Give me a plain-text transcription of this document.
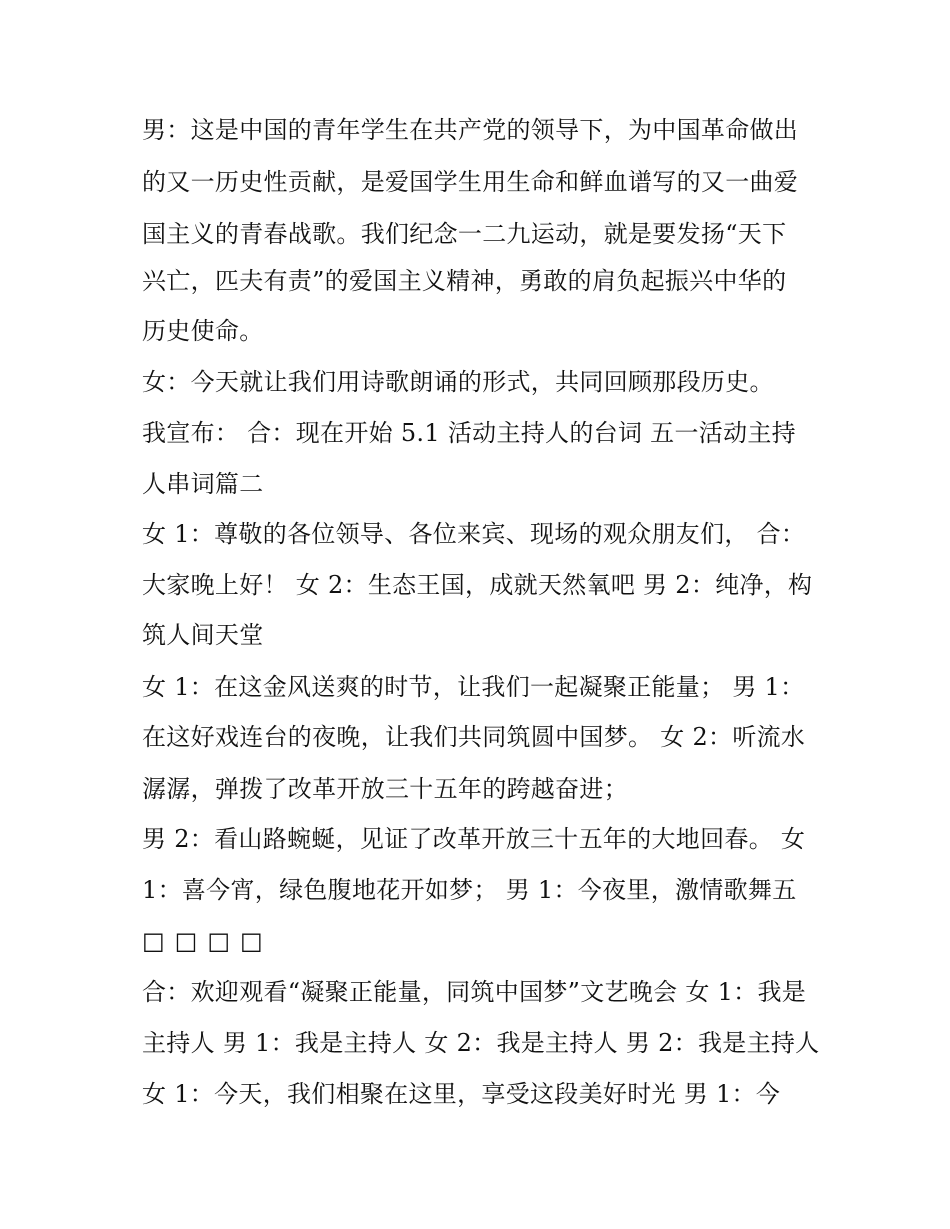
男：这是中国的青年学生在共产党的领导下，为中国革命做出
的又一历史性贡献，是爱国学生用生命和鲜血谱写的又一曲爱
国主义的青春战歌。我们纪念一二九运动，就是要发扬“天下
兴亡，匹夫有责”的爱国主义精神，勇敢的肩负起振兴中华的
历史使命。
女：今天就让我们用诗歌朗诵的形式，共同回顾那段历史。
我宣布： 合：现在开始 5.1 活动主持人的台词 五一活动主持
人串词篇二
女 1：尊敬的各位领导、各位来宾、现场的观众朋友们， 合：
大家晚上好！ 女 2：生态王国，成就天然氧吧 男 2：纯净，构
筑人间天堂
女 1：在这金风送爽的时节，让我们一起凝聚正能量； 男 1：
在这好戏连台的夜晚，让我们共同筑圆中国梦。 女 2：听流水
潺潺，弹拨了改革开放三十五年的跨越奋进；
男 2：看山路蜿蜒，见证了改革开放三十五年的大地回春。 女
1：喜今宵，绿色腹地花开如梦； 男 1：今夜里，激情歌舞五
□□□□
合：欢迎观看“凝聚正能量，同筑中国梦”文艺晚会 女 1：我是
主持人 男 1：我是主持人 女 2：我是主持人 男 2：我是主持人
女 1：今天，我们相聚在这里，享受这段美好时光 男 1：今
